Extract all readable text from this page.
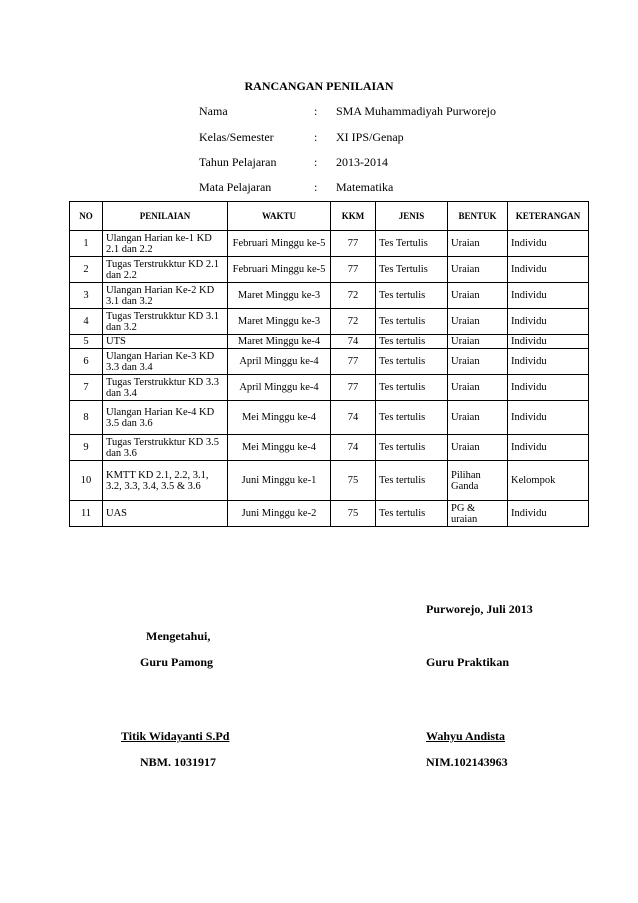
RANCANGAN PENILAIAN
Nama	: SMA Muhammadiyah Purworejo
Kelas/Semester	: XI IPS/Genap
Tahun Pelajaran	: 2013-2014
Mata Pelajaran	: Matematika
NO	PENILAIAN	WAKTU	KKM	JENIS	BENTUK	KETERANGAN
1	Ulangan Harian ke-1 KD 2.1 dan 2.2	Februari Minggu ke-5	77	Tes Tertulis	Uraian	Individu
2	Tugas Terstrukktur KD 2.1 dan 2.2	Februari Minggu ke-5	77	Tes Tertulis	Uraian	Individu
3	Ulangan Harian Ke-2 KD 3.1 dan 3.2	Maret Minggu ke-3	72	Tes tertulis	Uraian	Individu
4	Tugas Terstrukktur KD 3.1 dan 3.2	Maret Minggu ke-3	72	Tes tertulis	Uraian	Individu
5	UTS	Maret Minggu ke-4	74	Tes tertulis	Uraian	Individu
6	Ulangan Harian Ke-3 KD 3.3 dan 3.4	April Minggu ke-4	77	Tes tertulis	Uraian	Individu
7	Tugas Terstrukktur KD 3.3 dan 3.4	April Minggu ke-4	77	Tes tertulis	Uraian	Individu
8	Ulangan Harian Ke-4 KD 3.5 dan 3.6	Mei Minggu ke-4	74	Tes tertulis	Uraian	Individu
9	Tugas Terstrukktur KD 3.5 dan 3.6	Mei Minggu ke-4	74	Tes tertulis	Uraian	Individu
10	KMTT KD 2.1, 2.2, 3.1, 3.2, 3.3, 3.4, 3.5 & 3.6	Juni Minggu ke-1	75	Tes tertulis	Pilihan Ganda	Kelompok
11	UAS	Juni Minggu ke-2	75	Tes tertulis	PG & uraian	Individu
Purworejo, Juli 2013
Mengetahui,
Guru Pamong	Guru Praktikan
Titik Widayanti S.Pd	Wahyu Andista
NBM. 1031917	NIM.102143963
